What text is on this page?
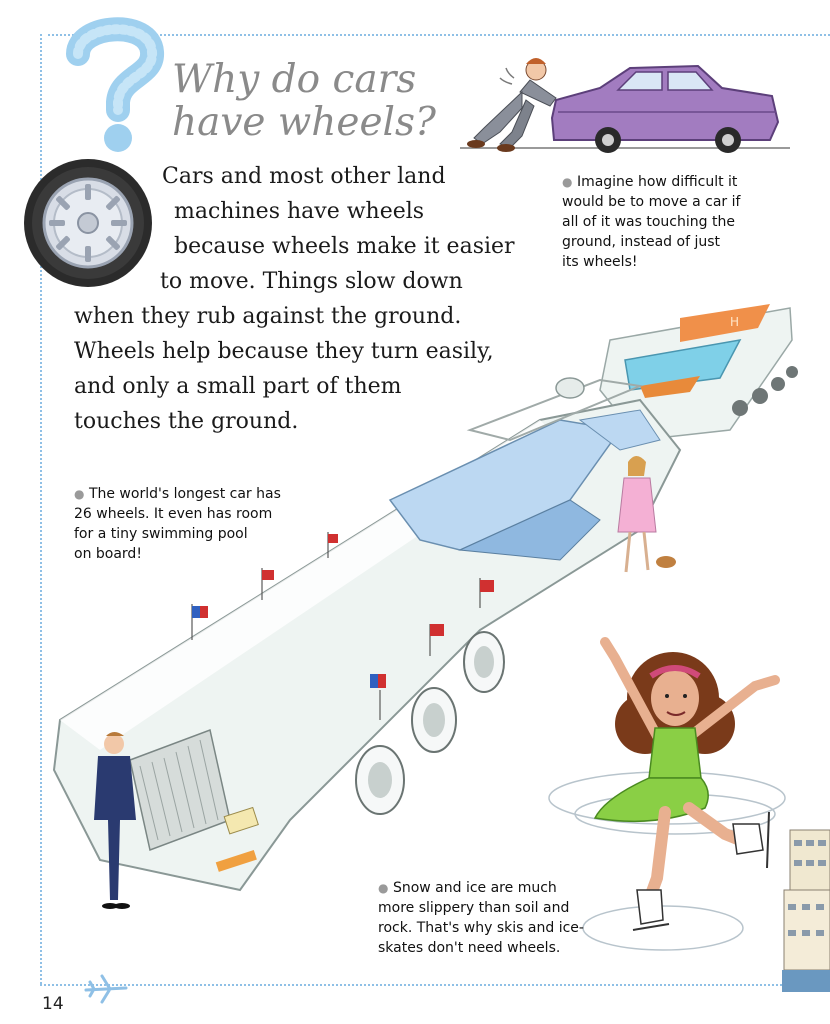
Why do cars
have wheels?
Cars and most other land
machines have wheels
because wheels make it easier
to move. Things slow down
when they rub against the ground.
Wheels help because they turn easily,
and only a small part of them
touches the ground.
● Imagine how difficult it
would be to move a car if
all of it was touching the
ground, instead of just
its wheels!
H
● The world's longest car has
26 wheels. It even has room
for a tiny swimming pool
on board!
● Snow and ice are much
more slippery than soil and
rock. That's why skis and ice-
skates don't need wheels.
14
